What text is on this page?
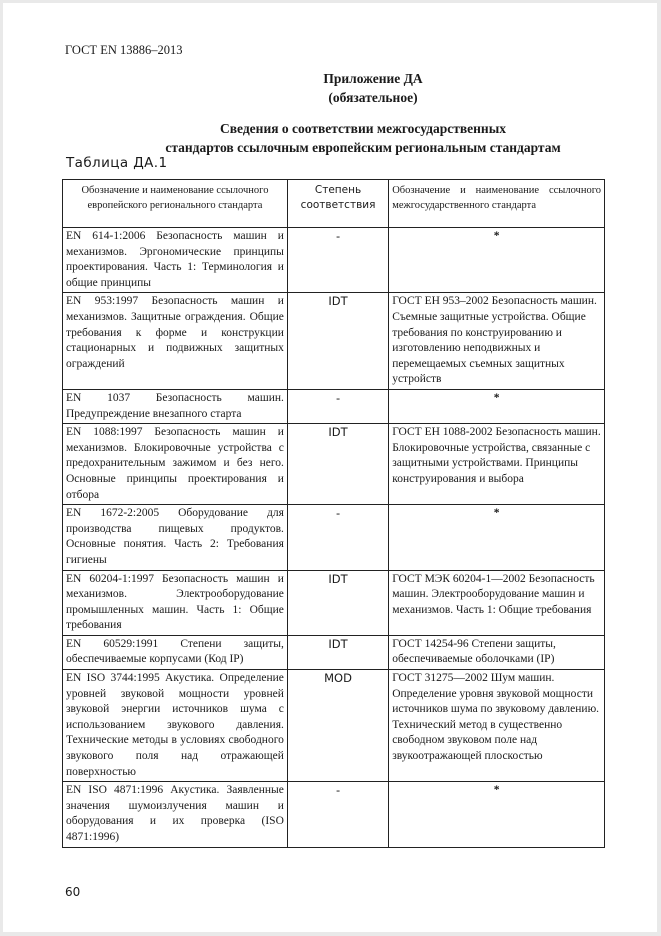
ГОСТ EN 13886–2013
Приложение ДА
(обязательное)
Сведения о соответствии межгосударственных
стандартов ссылочным европейским региональным стандартам
Таблица ДА.1
Обозначение и наименование ссылочного европейского регионального стандарта	Степень соответствия	Обозначение и наименование ссылочного межгосударственного стандарта
EN 614-1:2006 Безопасность машин и механизмов. Эргономические принципы проектирования. Часть 1: Терминология и общие принципы	-	*
EN 953:1997 Безопасность машин и механизмов. Защитные ограждения. Общие требования к форме и конструкции стационарных и подвижных защитных ограждений	IDT	ГОСТ ЕН 953–2002 Безопасность машин. Съемные защитные устройства. Общие требования по конструированию и изготовлению неподвижных и перемещаемых съемных защитных устройств
EN 1037 Безопасность машин. Предупреждение внезапного старта	-	*
EN 1088:1997 Безопасность машин и механизмов. Блокировочные устройства с предохранительным зажимом и без него. Основные принципы проектирования и отбора	IDT	ГОСТ ЕН 1088-2002 Безопасность машин. Блокировочные устройства, связанные с защитными устройствами. Принципы конструирования и выбора
EN 1672-2:2005 Оборудование для производства пищевых продуктов. Основные понятия. Часть 2: Требования гигиены	-	*
EN 60204-1:1997 Безопасность машин и механизмов. Электрооборудование промышленных машин. Часть 1: Общие требования	IDT	ГОСТ МЭК 60204-1—2002 Безопасность машин. Электрооборудование машин и механизмов. Часть 1: Общие требования
EN 60529:1991 Степени защиты, обеспечиваемые корпусами (Код IP)	IDT	ГОСТ 14254-96 Степени защиты, обеспечиваемые оболочками (IP)
EN ISO 3744:1995 Акустика. Определение уровней звуковой мощности уровней звуковой энергии источников шума с использованием звукового давления. Технические методы в условиях свободного звукового поля над отражающей поверхностью	MOD	ГОСТ 31275—2002 Шум машин. Определение уровня звуковой мощности источников шума по звуковому давлению. Технический метод в существенно свободном звуковом поле над звукоотражающей плоскостью
EN ISO 4871:1996 Акустика. Заявленные значения шумоизлучения машин и оборудования и их проверка (ISO 4871:1996)	-	*
60
